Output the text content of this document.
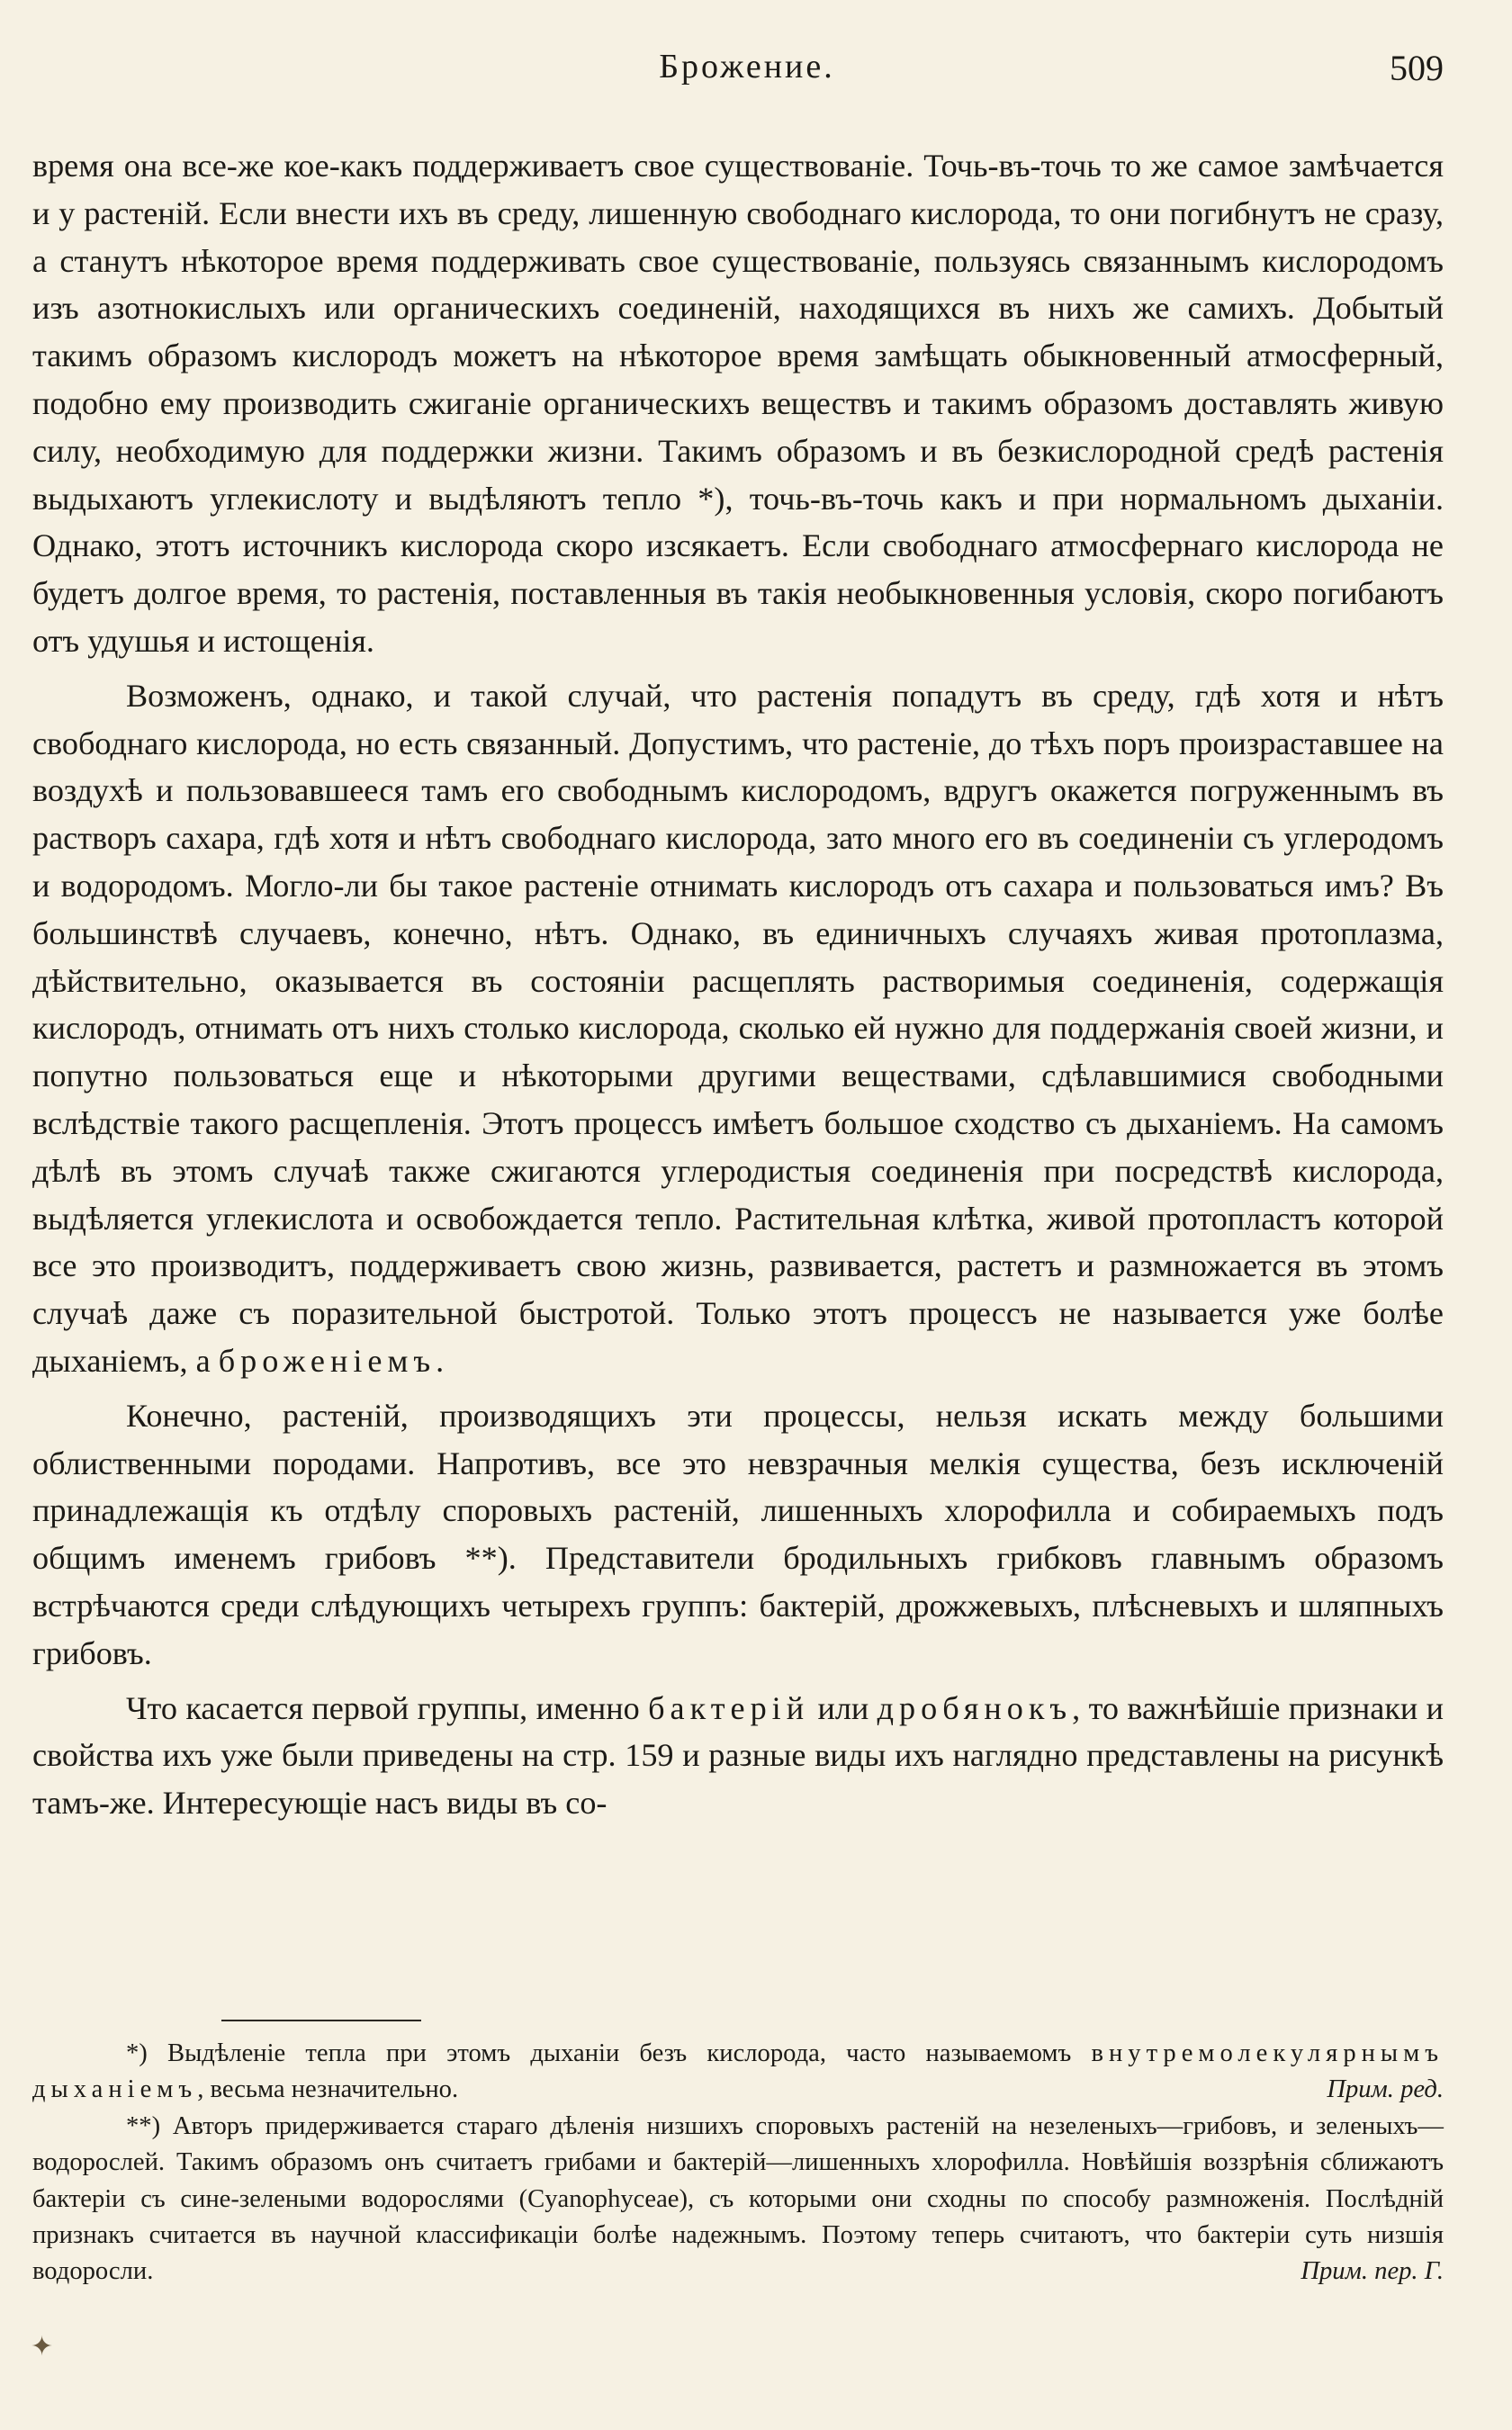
Брожение.	509

время она все-же кое-какъ поддерживаетъ свое существованіе. Точь-въ-точь то же самое замѣчается и у растеній. Если внести ихъ въ среду, лишенную свободнаго кислорода, то они погибнутъ не сразу, а станутъ нѣкоторое время поддерживать свое существованіе, пользуясь связаннымъ кислородомъ изъ азотнокислыхъ или органическихъ соединеній, находящихся въ нихъ же самихъ. Добытый такимъ образомъ кислородъ можетъ на нѣкоторое время замѣщать обыкновенный атмосферный, подобно ему производить сжиганіе органическихъ веществъ и такимъ образомъ доставлять живую силу, необходимую для поддержки жизни. Такимъ образомъ и въ безкислородной средѣ растенія выдыхаютъ углекислоту и выдѣляютъ тепло *), точь-въ-точь какъ и при нормальномъ дыханіи. Однако, этотъ источникъ кислорода скоро изсякаетъ. Если свободнаго атмосфернаго кислорода не будетъ долгое время, то растенія, поставленныя въ такія необыкновенныя условія, скоро погибаютъ отъ удушья и истощенія.

Возможенъ, однако, и такой случай, что растенія попадутъ въ среду, гдѣ хотя и нѣтъ свободнаго кислорода, но есть связанный. Допустимъ, что растеніе, до тѣхъ поръ произраставшее на воздухѣ и пользовавшееся тамъ его свободнымъ кислородомъ, вдругъ окажется погруженнымъ въ растворъ сахара, гдѣ хотя и нѣтъ свободнаго кислорода, зато много его въ соединеніи съ углеродомъ и водородомъ. Могло-ли бы такое растеніе отнимать кислородъ отъ сахара и пользоваться имъ? Въ большинствѣ случаевъ, конечно, нѣтъ. Однако, въ единичныхъ случаяхъ живая протоплазма, дѣйствительно, оказывается въ состояніи расщеплять растворимыя соединенія, содержащія кислородъ, отнимать отъ нихъ столько кислорода, сколько ей нужно для поддержанія своей жизни, и попутно пользоваться еще и нѣкоторыми другими веществами, сдѣлавшимися свободными вслѣдствіе такого расщепленія. Этотъ процессъ имѣетъ большое сходство съ дыханіемъ. На самомъ дѣлѣ въ этомъ случаѣ также сжигаются углеродистыя соединенія при посредствѣ кислорода, выдѣляется углекислота и освобождается тепло. Растительная клѣтка, живой протопластъ которой все это производитъ, поддерживаетъ свою жизнь, развивается, растетъ и размножается въ этомъ случаѣ даже съ поразительной быстротой. Только этотъ процессъ не называется уже болѣе дыханіемъ, а броженіемъ.

Конечно, растеній, производящихъ эти процессы, нельзя искать между большими облиственными породами. Напротивъ, все это невзрачныя мелкія существа, безъ исключеній принадлежащія къ отдѣлу споровыхъ растеній, лишенныхъ хлорофилла и собираемыхъ подъ общимъ именемъ грибовъ **). Представители бродильныхъ грибковъ главнымъ образомъ встрѣчаются среди слѣдующихъ четырехъ группъ: бактерій, дрожжевыхъ, плѣсневыхъ и шляпныхъ грибовъ.

Что касается первой группы, именно бактерій или дробянокъ, то важнѣйшіе признаки и свойства ихъ уже были приведены на стр. 159 и разные виды ихъ наглядно представлены на рисункѣ тамъ-же. Интересующіе насъ виды въ со-

*) Выдѣленіе тепла при этомъ дыханіи безъ кислорода, часто называемомъ внутремолекулярнымъ дыханіемъ, весьма незначительно.	Прим. ред.

**) Авторъ придерживается стараго дѣленія низшихъ споровыхъ растеній на незеленыхъ—грибовъ, и зеленыхъ—водорослей. Такимъ образомъ онъ считаетъ грибами и бактерій—лишенныхъ хлорофилла. Новѣйшія воззрѣнія сближаютъ бактеріи съ сине-зелеными водорослями (Cyanophyceae), съ которыми они сходны по способу размноженія. Послѣдній признакъ считается въ научной классификаціи болѣе надежнымъ. Поэтому теперь считаютъ, что бактеріи суть низшія водоросли.	Прим. пер. Г.

✦
